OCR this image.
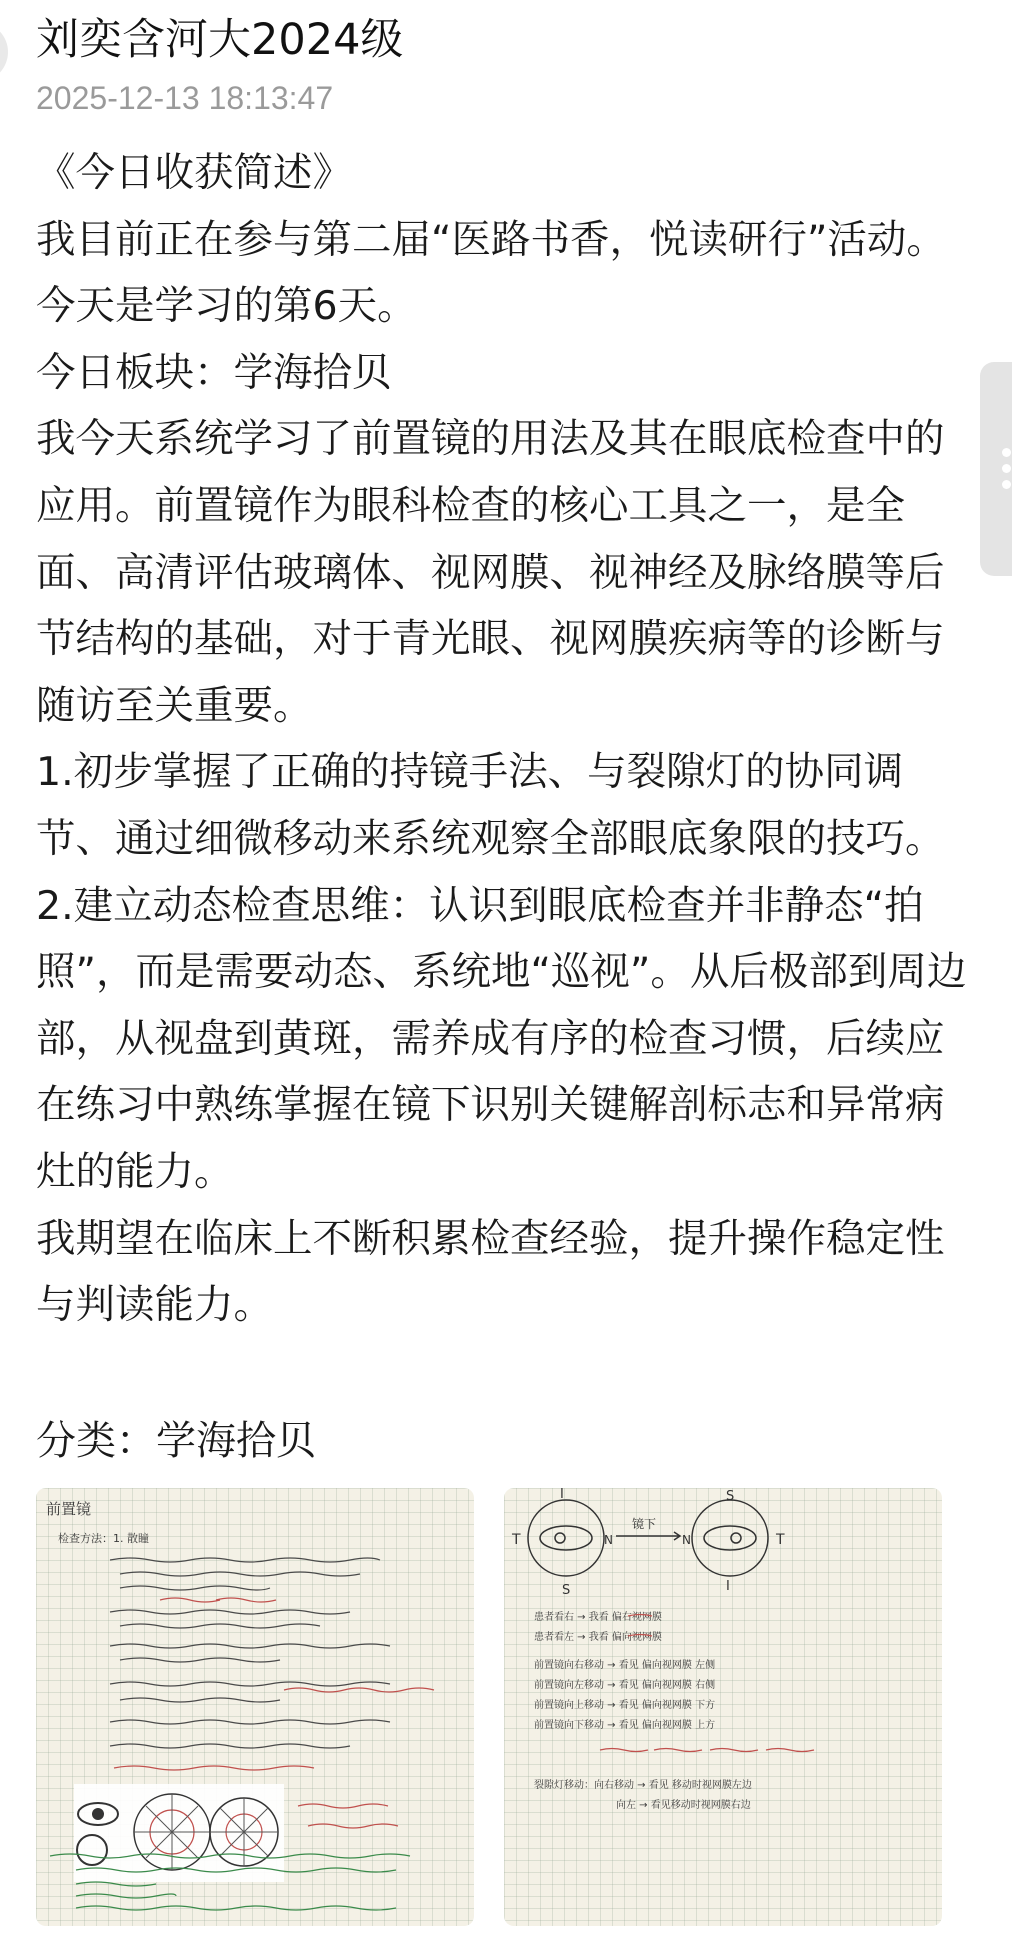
刘奕含河大2024级
2025-12-13 18:13:47
《今日收获简述》
我目前正在参与第二届“医路书香，悦读研行”活动。今天是学习的第6天。
今日板块：学海拾贝
我今天系统学习了前置镜的用法及其在眼底检查中的应用。前置镜作为眼科检查的核心工具之一，是全面、高清评估玻璃体、视网膜、视神经及脉络膜等后节结构的基础，对于青光眼、视网膜疾病等的诊断与随访至关重要。
1.初步掌握了正确的持镜手法、与裂隙灯的协同调节、通过细微移动来系统观察全部眼底象限的技巧。
2.建立动态检查思维：认识到眼底检查并非静态“拍照”，而是需要动态、系统地“巡视”。从后极部到周边部，从视盘到黄斑，需养成有序的检查习惯，后续应在练习中熟练掌握在镜下识别关键解剖标志和异常病灶的能力。
我期望在临床上不断积累检查经验，提升操作稳定性与判读能力。
分类：学海拾贝
前置镜
检查方法：1. 散瞳
I
T	N
镜下
N	T
S
S	I
患者看右 → 我看 偏右视网膜
患者看左 → 我看 偏向视网膜
前置镜向右移动 → 看见 偏向视网膜 左侧
前置镜向左移动 → 看见 偏向视网膜 右侧
前置镜向上移动 → 看见 偏向视网膜 下方
前置镜向下移动 → 看见 偏向视网膜 上方
裂隙灯移动：向右移动 → 看见 移动时视网膜左边
向左 → 看见移动时视网膜右边
